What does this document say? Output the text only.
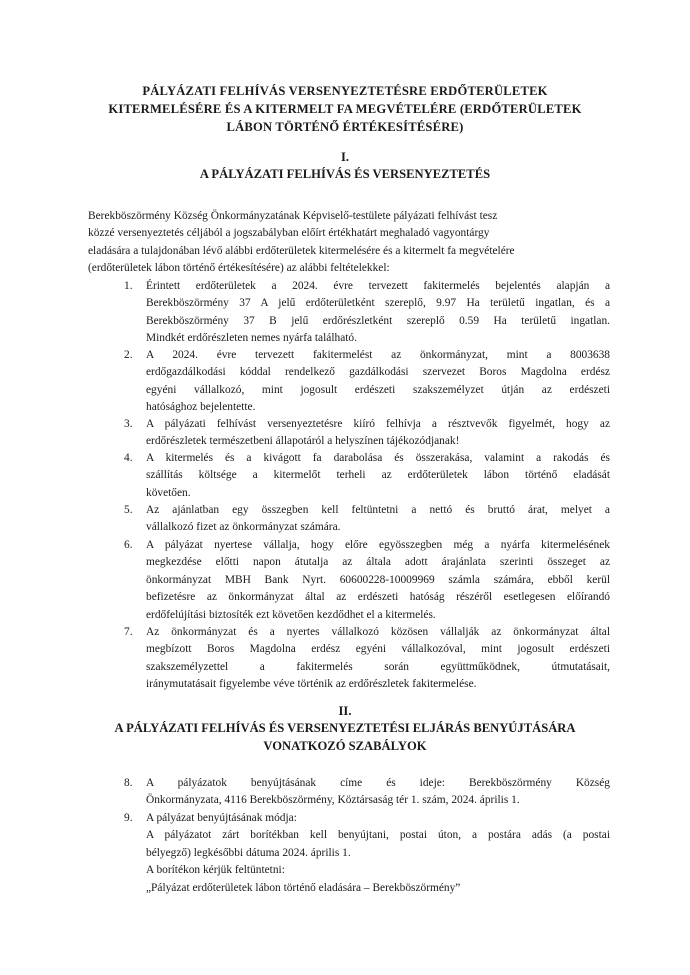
PÁLYÁZATI FELHÍVÁS VERSENYEZTETÉSRE ERDŐTERÜLETEK
KITERMELÉSÉRE ÉS A KITERMELT FA MEGVÉTELÉRE (ERDŐTERÜLETEK
LÁBON TÖRTÉNŐ ÉRTÉKESÍTÉSÉRE)
I.
A PÁLYÁZATI FELHÍVÁS ÉS VERSENYEZTETÉS
Berekböszörmény Község Önkormányzatának Képviselő-testülete pályázati felhívást tesz
közzé versenyeztetés céljából a jogszabályban előírt értékhatárt meghaladó vagyontárgy
eladására a tulajdonában lévő alábbi erdőterületek kitermelésére és a kitermelt fa megvételére
(erdőterületek lábon történő értékesítésére) az alábbi feltételekkel:
1. Érintett erdőterületek a 2024. évre tervezett fakitermelés bejelentés alapján a
Berekböszörmény 37 A jelű erdőterületként szereplő, 9.97 Ha területű ingatlan, és a
Berekböszörmény 37 B jelű erdőrészletként szereplő 0.59 Ha területű ingatlan.
Mindkét erdőrészleten nemes nyárfa található.
2. A 2024. évre tervezett fakitermelést az önkormányzat, mint a 8003638
erdőgazdálkodási kóddal rendelkező gazdálkodási szervezet Boros Magdolna erdész
egyéni vállalkozó, mint jogosult erdészeti szakszemélyzet útján az erdészeti
hatósághoz bejelentette.
3. A pályázati felhívást versenyeztetésre kiíró felhívja a résztvevők figyelmét, hogy az
erdőrészletek természetbeni állapotáról a helyszínen tájékozódjanak!
4. A kitermelés és a kivágott fa darabolása és összerakása, valamint a rakodás és
szállítás költsége a kitermelőt terheli az erdőterületek lábon történő eladását
követően.
5. Az ajánlatban egy összegben kell feltüntetni a nettó és bruttó árat, melyet a
vállalkozó fizet az önkormányzat számára.
6. A pályázat nyertese vállalja, hogy előre egyösszegben még a nyárfa kitermelésének
megkezdése előtti napon átutalja az általa adott árajánlata szerinti összeget az
önkormányzat MBH Bank Nyrt. 60600228-10009969 számla számára, ebből kerül
befizetésre az önkormányzat által az erdészeti hatóság részéről esetlegesen előírandó
erdőfelújítási biztosíték ezt követően kezdődhet el a kitermelés.
7. Az önkormányzat és a nyertes vállalkozó közösen vállalják az önkormányzat által
megbízott Boros Magdolna erdész egyéni vállalkozóval, mint jogosult erdészeti
szakszemélyzettel a fakitermelés során együttműködnek, útmutatásait,
iránymutatásait figyelembe véve történik az erdőrészletek fakitermelése.
II.
A PÁLYÁZATI FELHÍVÁS ÉS VERSENYEZTETÉSI ELJÁRÁS BENYÚJTÁSÁRA
VONATKOZÓ SZABÁLYOK
8. A pályázatok benyújtásának címe és ideje: Berekböszörmény Község
Önkormányzata, 4116 Berekböszörmény, Köztársaság tér 1. szám, 2024. április 1.
9. A pályázat benyújtásának módja:
A pályázatot zárt borítékban kell benyújtani, postai úton, a postára adás (a postai
bélyegző) legkésőbbi dátuma 2024. április 1.
A borítékon kérjük feltüntetni:
„Pályázat erdőterületek lábon történő eladására – Berekböszörmény”
